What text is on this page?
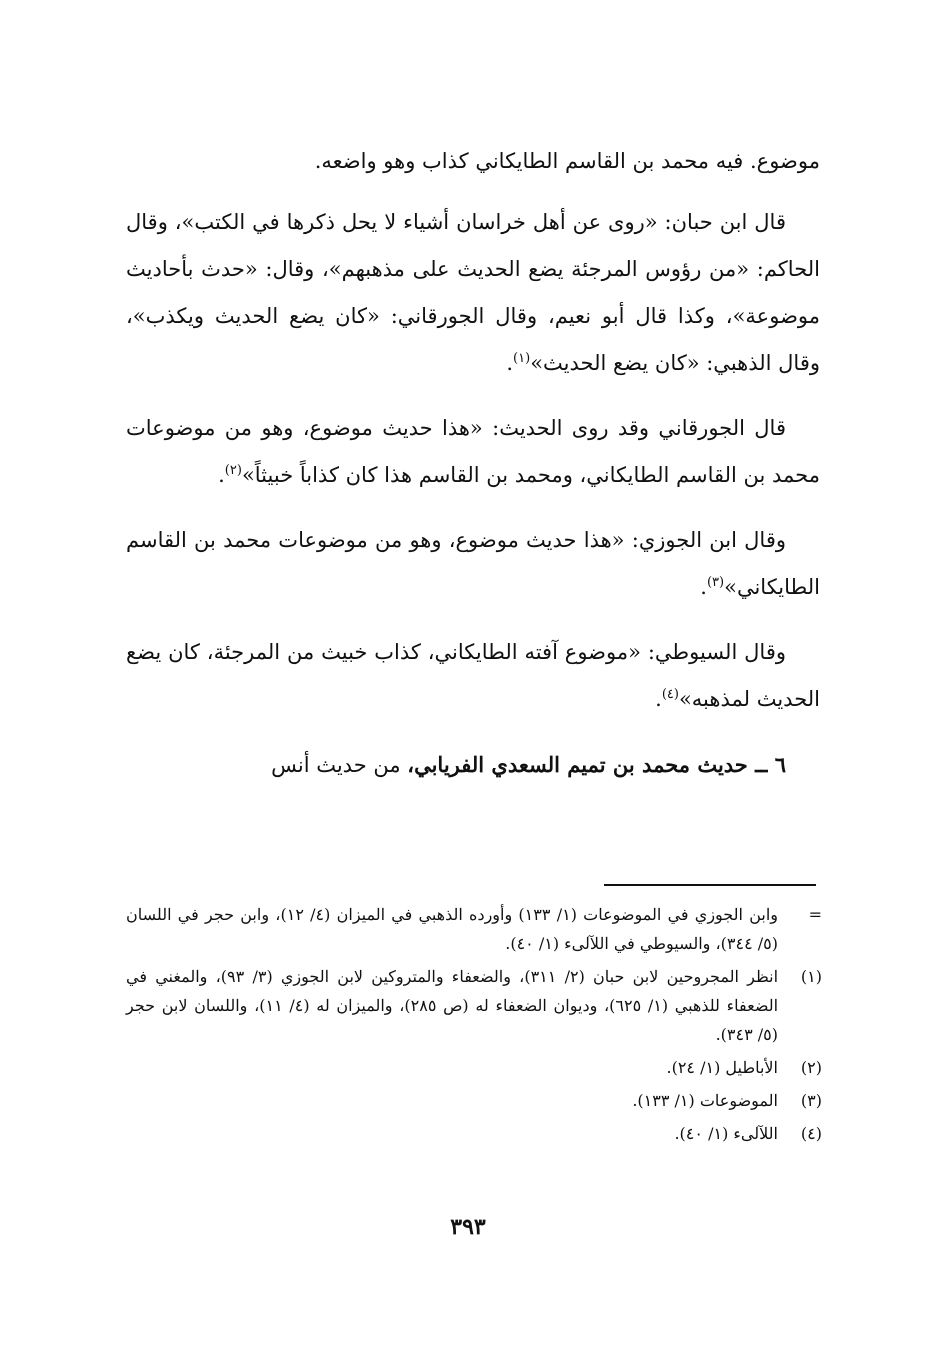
موضوع. فيه محمد بن القاسم الطايكاني كذاب وهو واضعه.

قال ابن حبان: «روى عن أهل خراسان أشياء لا يحل ذكرها في الكتب»، وقال الحاكم: «من رؤوس المرجئة يضع الحديث على مذهبهم»، وقال: «حدث بأحاديث موضوعة»، وكذا قال أبو نعيم، وقال الجورقاني: «كان يضع الحديث ويكذب»، وقال الذهبي: «كان يضع الحديث»$^{(١)}$.

قال الجورقاني وقد روى الحديث: «هذا حديث موضوع، وهو من موضوعات محمد بن القاسم الطايكاني، ومحمد بن القاسم هذا كان كذاباً خبيثاً»$^{(٢)}$.

وقال ابن الجوزي: «هذا حديث موضوع، وهو من موضوعات محمد بن القاسم الطايكاني»$^{(٣)}$.

وقال السيوطي: «موضوع آفته الطايكاني، كذاب خبيث من المرجئة، كان يضع الحديث لمذهبه»$^{(٤)}$.

٦ ــ حديث محمد بن تميم السعدي الفريابي، من حديث أنس

=
وابن الجوزي في الموضوعات (١/ ١٣٣) وأورده الذهبي في الميزان (٤/ ١٢)، وابن حجر في اللسان (٥/ ٣٤٤)، والسيوطي في اللآلىء (١/ ٤٠).
(١)
انظر المجروحين لابن حبان (٢/ ٣١١)، والضعفاء والمتروكين لابن الجوزي (٣/ ٩٣)، والمغني في الضعفاء للذهبي (١/ ٦٢٥)، وديوان الضعفاء له (ص ٢٨٥)، والميزان له (٤/ ١١)، واللسان لابن حجر (٥/ ٣٤٣).
(٢)
الأباطيل (١/ ٢٤).
(٣)
الموضوعات (١/ ١٣٣).
(٤)
اللآلىء (١/ ٤٠).
٣٩٣
